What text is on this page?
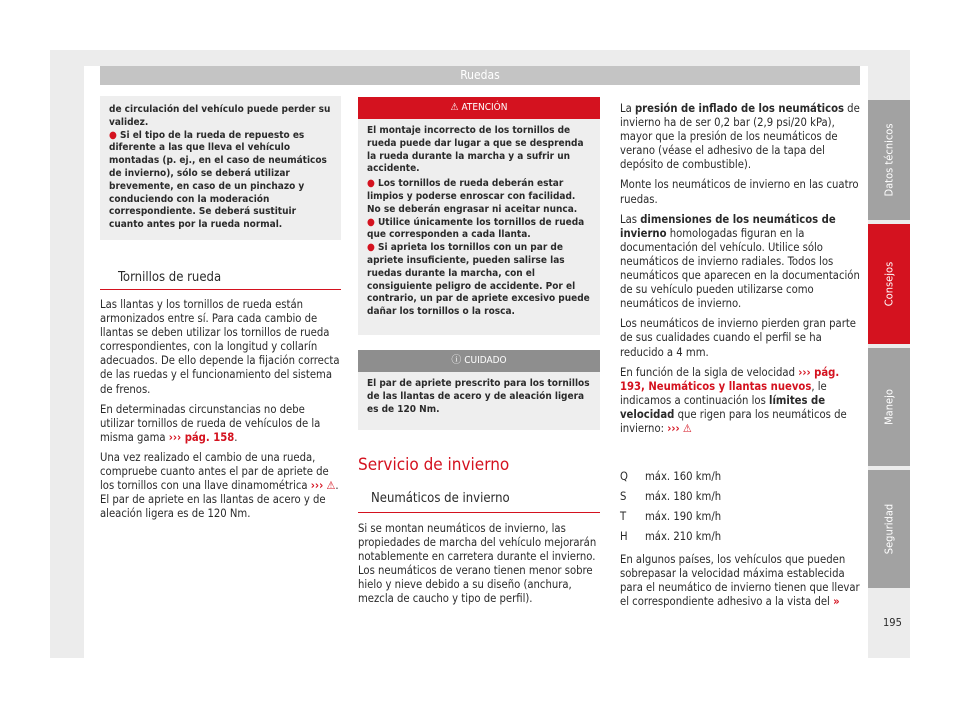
Ruedas
Datos técnicos
Consejos
Manejo
Seguridad
de circulación del vehículo puede perder su validez.
● Si el tipo de la rueda de repuesto es diferente a las que lleva el vehículo montadas (p. ej., en el caso de neumáticos de invierno), sólo se deberá utilizar brevemente, en caso de un pinchazo y conduciendo con la moderación correspondiente. Se deberá sustituir cuanto antes por la rueda normal.
Tornillos de rueda

Las llantas y los tornillos de rueda están armonizados entre sí. Para cada cambio de llantas se deben utilizar los tornillos de rueda correspondientes, con la longitud y collarín adecuados. De ello depende la fijación correcta de las ruedas y el funcionamiento del sistema de frenos.

En determinadas circunstancias no debe utilizar tornillos de rueda de vehículos de la misma gama ››› pág. 158.

Una vez realizado el cambio de una rueda, compruebe cuanto antes el par de apriete de los tornillos con una llave dinamométrica ››› ⚠. El par de apriete en las llantas de acero y de aleación ligera es de 120 Nm.

⚠ ATENCIÓN
El montaje incorrecto de los tornillos de rueda puede dar lugar a que se desprenda la rueda durante la marcha y a sufrir un accidente.
● Los tornillos de rueda deberán estar limpios y poderse enroscar con facilidad. No se deberán engrasar ni aceitar nunca.
● Utilice únicamente los tornillos de rueda que corresponden a cada llanta.
● Si aprieta los tornillos con un par de apriete insuficiente, pueden salirse las ruedas durante la marcha, con el consiguiente peligro de accidente. Por el contrario, un par de apriete excesivo puede dañar los tornillos o la rosca.
ⓘ CUIDADO
El par de apriete prescrito para los tornillos de las llantas de acero y de aleación ligera es de 120 Nm.
Servicio de invierno
Neumáticos de invierno

Si se montan neumáticos de invierno, las propiedades de marcha del vehículo mejorarán notablemente en carretera durante el invierno. Los neumáticos de verano tienen menor sobre hielo y nieve debido a su diseño (anchura, mezcla de caucho y tipo de perfil).

La presión de inflado de los neumáticos de invierno ha de ser 0,2 bar (2,9 psi/20 kPa), mayor que la presión de los neumáticos de verano (véase el adhesivo de la tapa del depósito de combustible).

Monte los neumáticos de invierno en las cuatro ruedas.

Las dimensiones de los neumáticos de invierno homologadas figuran en la documentación del vehículo. Utilice sólo neumáticos de invierno radiales. Todos los neumáticos que aparecen en la documentación de su vehículo pueden utilizarse como neumáticos de invierno.

Los neumáticos de invierno pierden gran parte de sus cualidades cuando el perfil se ha reducido a 4 mm.

En función de la sigla de velocidad ››› pág. 193, Neumáticos y llantas nuevos, le indicamos a continuación los límites de velocidad que rigen para los neumáticos de invierno: ››› ⚠

Q máx. 160 km/h
S máx. 180 km/h
T máx. 190 km/h
H máx. 210 km/h

En algunos países, los vehículos que pueden sobrepasar la velocidad máxima establecida para el neumático de invierno tienen que llevar el correspondiente adhesivo a la vista del »

195
